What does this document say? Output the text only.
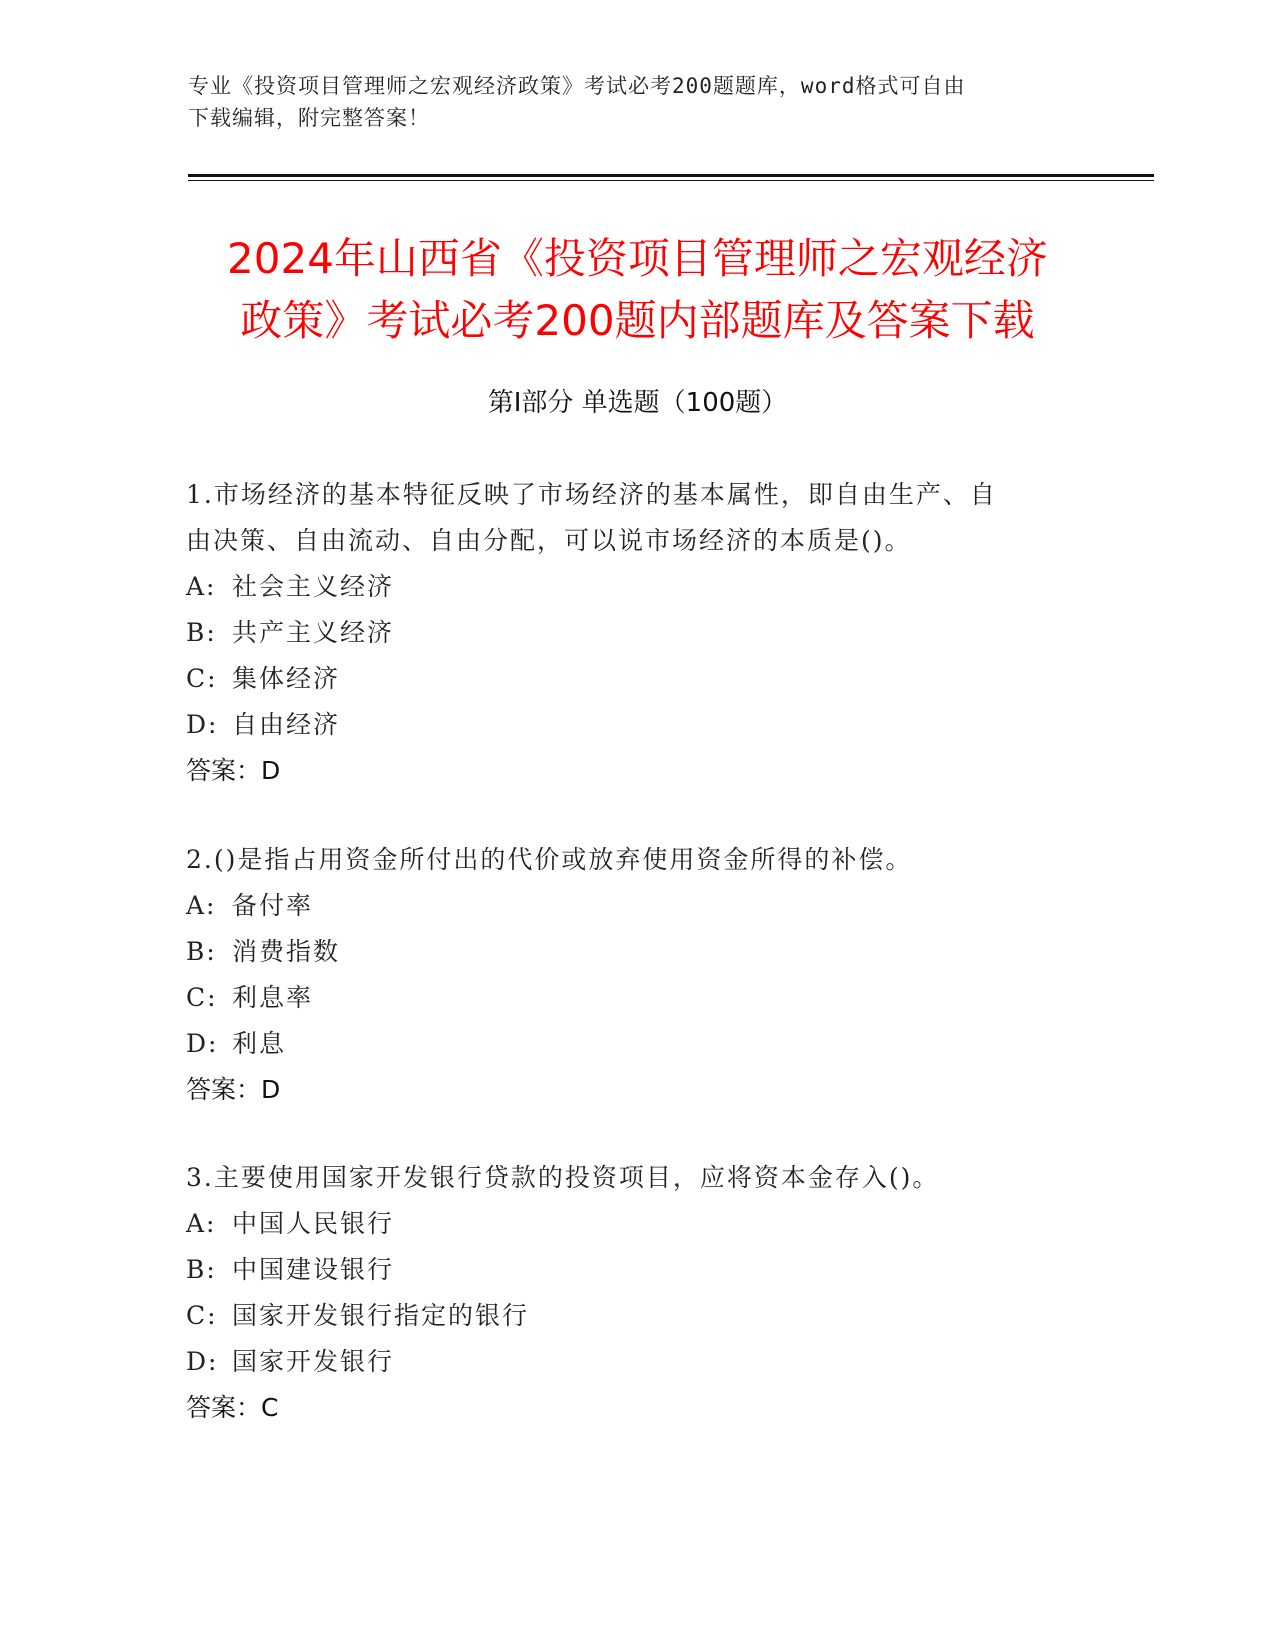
专业《投资项目管理师之宏观经济政策》考试必考200题题库，word格式可自由
下载编辑，附完整答案！
2024年山西省《投资项目管理师之宏观经济
政策》考试必考200题内部题库及答案下载
第Ⅰ部分 单选题（100题）
1.市场经济的基本特征反映了市场经济的基本属性，即自由生产、自
由决策、自由流动、自由分配，可以说市场经济的本质是()。
A: 社会主义经济
B: 共产主义经济
C: 集体经济
D: 自由经济
答案：D
2.()是指占用资金所付出的代价或放弃使用资金所得的补偿。
A: 备付率
B: 消费指数
C: 利息率
D: 利息
答案：D
3.主要使用国家开发银行贷款的投资项目，应将资本金存入()。
A: 中国人民银行
B: 中国建设银行
C: 国家开发银行指定的银行
D: 国家开发银行
答案：C
